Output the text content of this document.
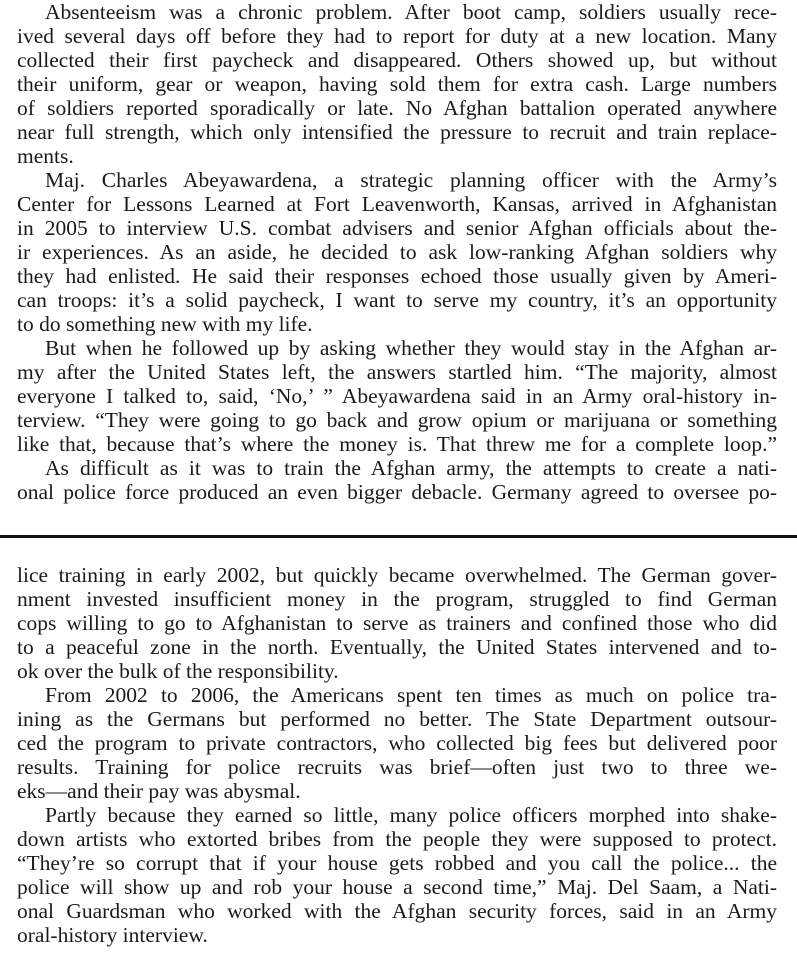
Absenteeism was a chronic problem. After boot camp, soldiers usually rece-
ived several days off before they had to report for duty at a new location. Many
collected their first paycheck and disappeared. Others showed up, but without
their uniform, gear or weapon, having sold them for extra cash. Large numbers
of soldiers reported sporadically or late. No Afghan battalion operated anywhere
near full strength, which only intensified the pressure to recruit and train replace-
ments.
Maj. Charles Abeyawardena, a strategic planning officer with the Army’s
Center for Lessons Learned at Fort Leavenworth, Kansas, arrived in Afghanistan
in 2005 to interview U.S. combat advisers and senior Afghan officials about the-
ir experiences. As an aside, he decided to ask low-ranking Afghan soldiers why
they had enlisted. He said their responses echoed those usually given by Ameri-
can troops: it’s a solid paycheck, I want to serve my country, it’s an opportunity
to do something new with my life.
But when he followed up by asking whether they would stay in the Afghan ar-
my after the United States left, the answers startled him. “The majority, almost
everyone I talked to, said, ‘No,’ ” Abeyawardena said in an Army oral-history in-
terview. “They were going to go back and grow opium or marijuana or something
like that, because that’s where the money is. That threw me for a complete loop.”
As difficult as it was to train the Afghan army, the attempts to create a nati-
onal police force produced an even bigger debacle. Germany agreed to oversee po-
lice training in early 2002, but quickly became overwhelmed. The German gover-
nment invested insufficient money in the program, struggled to find German
cops willing to go to Afghanistan to serve as trainers and confined those who did
to a peaceful zone in the north. Eventually, the United States intervened and to-
ok over the bulk of the responsibility.
From 2002 to 2006, the Americans spent ten times as much on police tra-
ining as the Germans but performed no better. The State Department outsour-
ced the program to private contractors, who collected big fees but delivered poor
results. Training for police recruits was brief—often just two to three we-
eks—and their pay was abysmal.
Partly because they earned so little, many police officers morphed into shake-
down artists who extorted bribes from the people they were supposed to protect.
“They’re so corrupt that if your house gets robbed and you call the police... the
police will show up and rob your house a second time,” Maj. Del Saam, a Nati-
onal Guardsman who worked with the Afghan security forces, said in an Army
oral-history interview.
